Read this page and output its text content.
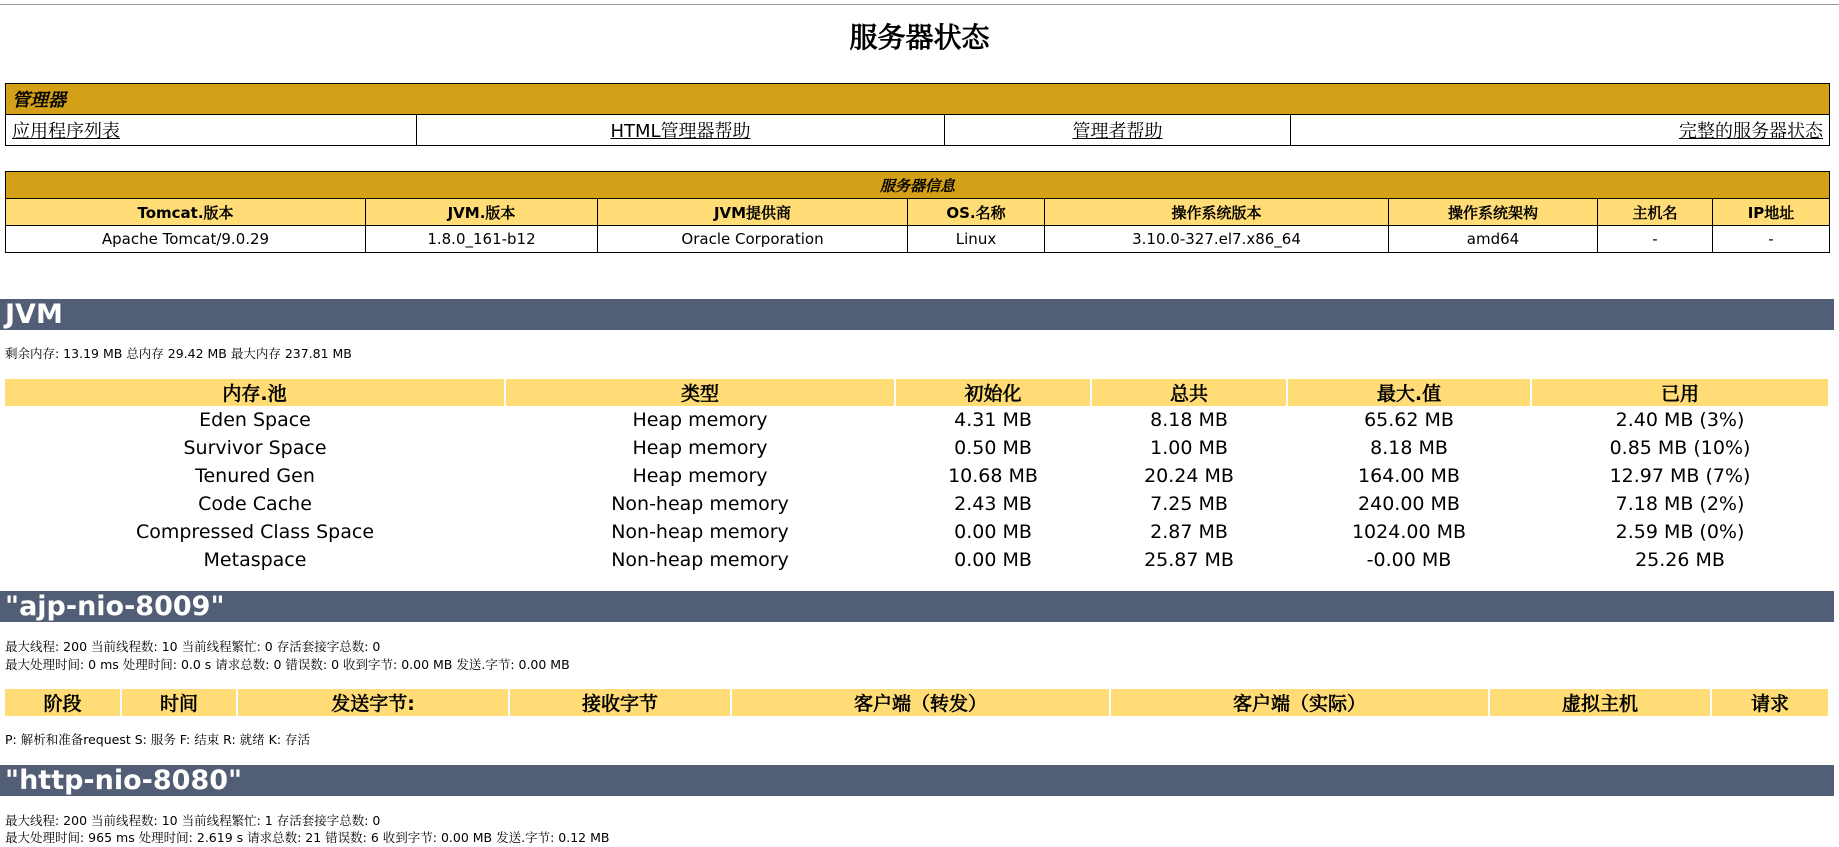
服务器状态
管理器
应用程序列表	HTML管理器帮助	管理者帮助	完整的服务器状态
服务器信息							
Tomcat.版本	JVM.版本	JVM提供商	OS.名称	操作系统版本	操作系统架构	主机名	IP地址
Apache Tomcat/9.0.29	1.8.0_161-b12	Oracle Corporation	Linux	3.10.0-327.el7.x86_64	amd64	-	-
JVM
剩余内存: 13.19 MB 总内存 29.42 MB 最大内存 237.81 MB
内存.池	类型	初始化	总共	最大.值	已用
Eden Space	Heap memory	4.31 MB	8.18 MB	65.62 MB	2.40 MB (3%)
Survivor Space	Heap memory	0.50 MB	1.00 MB	8.18 MB	0.85 MB (10%)
Tenured Gen	Heap memory	10.68 MB	20.24 MB	164.00 MB	12.97 MB (7%)
Code Cache	Non-heap memory	2.43 MB	7.25 MB	240.00 MB	7.18 MB (2%)
Compressed Class Space	Non-heap memory	0.00 MB	2.87 MB	1024.00 MB	2.59 MB (0%)
Metaspace	Non-heap memory	0.00 MB	25.87 MB	-0.00 MB	25.26 MB
"ajp-nio-8009"
最大线程: 200 当前线程数: 10 当前线程繁忙: 0 存活套接字总数: 0
最大处理时间: 0 ms 处理时间: 0.0 s 请求总数: 0 错误数: 0 收到字节: 0.00 MB 发送.字节: 0.00 MB
阶段	时间	发送字节:	接收字节	客户端（转发）	客户端（实际）	虚拟主机	请求
P: 解析和准备request S: 服务 F: 结束 R: 就绪 K: 存活
"http-nio-8080"
最大线程: 200 当前线程数: 10 当前线程繁忙: 1 存活套接字总数: 0
最大处理时间: 965 ms 处理时间: 2.619 s 请求总数: 21 错误数: 6 收到字节: 0.00 MB 发送.字节: 0.12 MB
